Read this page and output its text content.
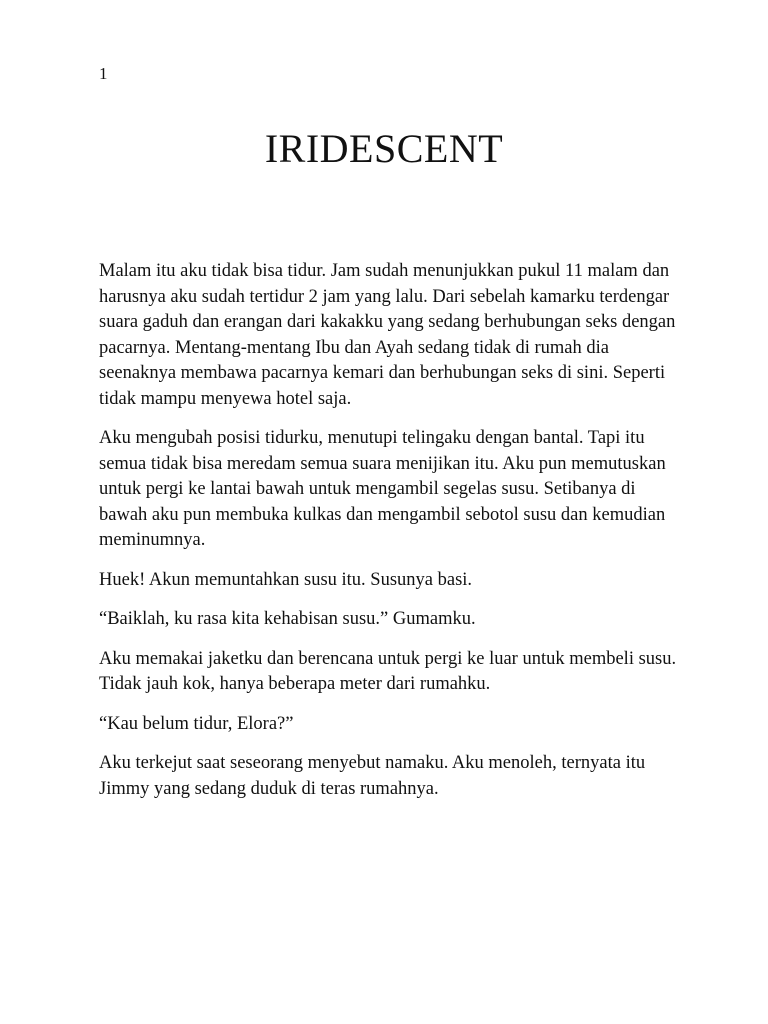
1
IRIDESCENT

Malam itu aku tidak bisa tidur. Jam sudah menunjukkan pukul 11 malam dan harusnya aku sudah tertidur 2 jam yang lalu. Dari sebelah kamarku terdengar suara gaduh dan erangan dari kakakku yang sedang berhubungan seks dengan pacarnya. Mentang-mentang Ibu dan Ayah sedang tidak di rumah dia seenaknya membawa pacarnya kemari dan berhubungan seks di sini. Seperti tidak mampu menyewa hotel saja.

Aku mengubah posisi tidurku, menutupi telingaku dengan bantal. Tapi itu semua tidak bisa meredam semua suara menijikan itu. Aku pun memutuskan untuk pergi ke lantai bawah untuk mengambil segelas susu. Setibanya di bawah aku pun membuka kulkas dan mengambil sebotol susu dan kemudian meminumnya.

Huek! Akun memuntahkan susu itu. Susunya basi.

“Baiklah, ku rasa kita kehabisan susu.” Gumamku.

Aku memakai jaketku dan berencana untuk pergi ke luar untuk membeli susu. Tidak jauh kok, hanya beberapa meter dari rumahku.

“Kau belum tidur, Elora?”

Aku terkejut saat seseorang menyebut namaku. Aku menoleh, ternyata itu Jimmy yang sedang duduk di teras rumahnya.
